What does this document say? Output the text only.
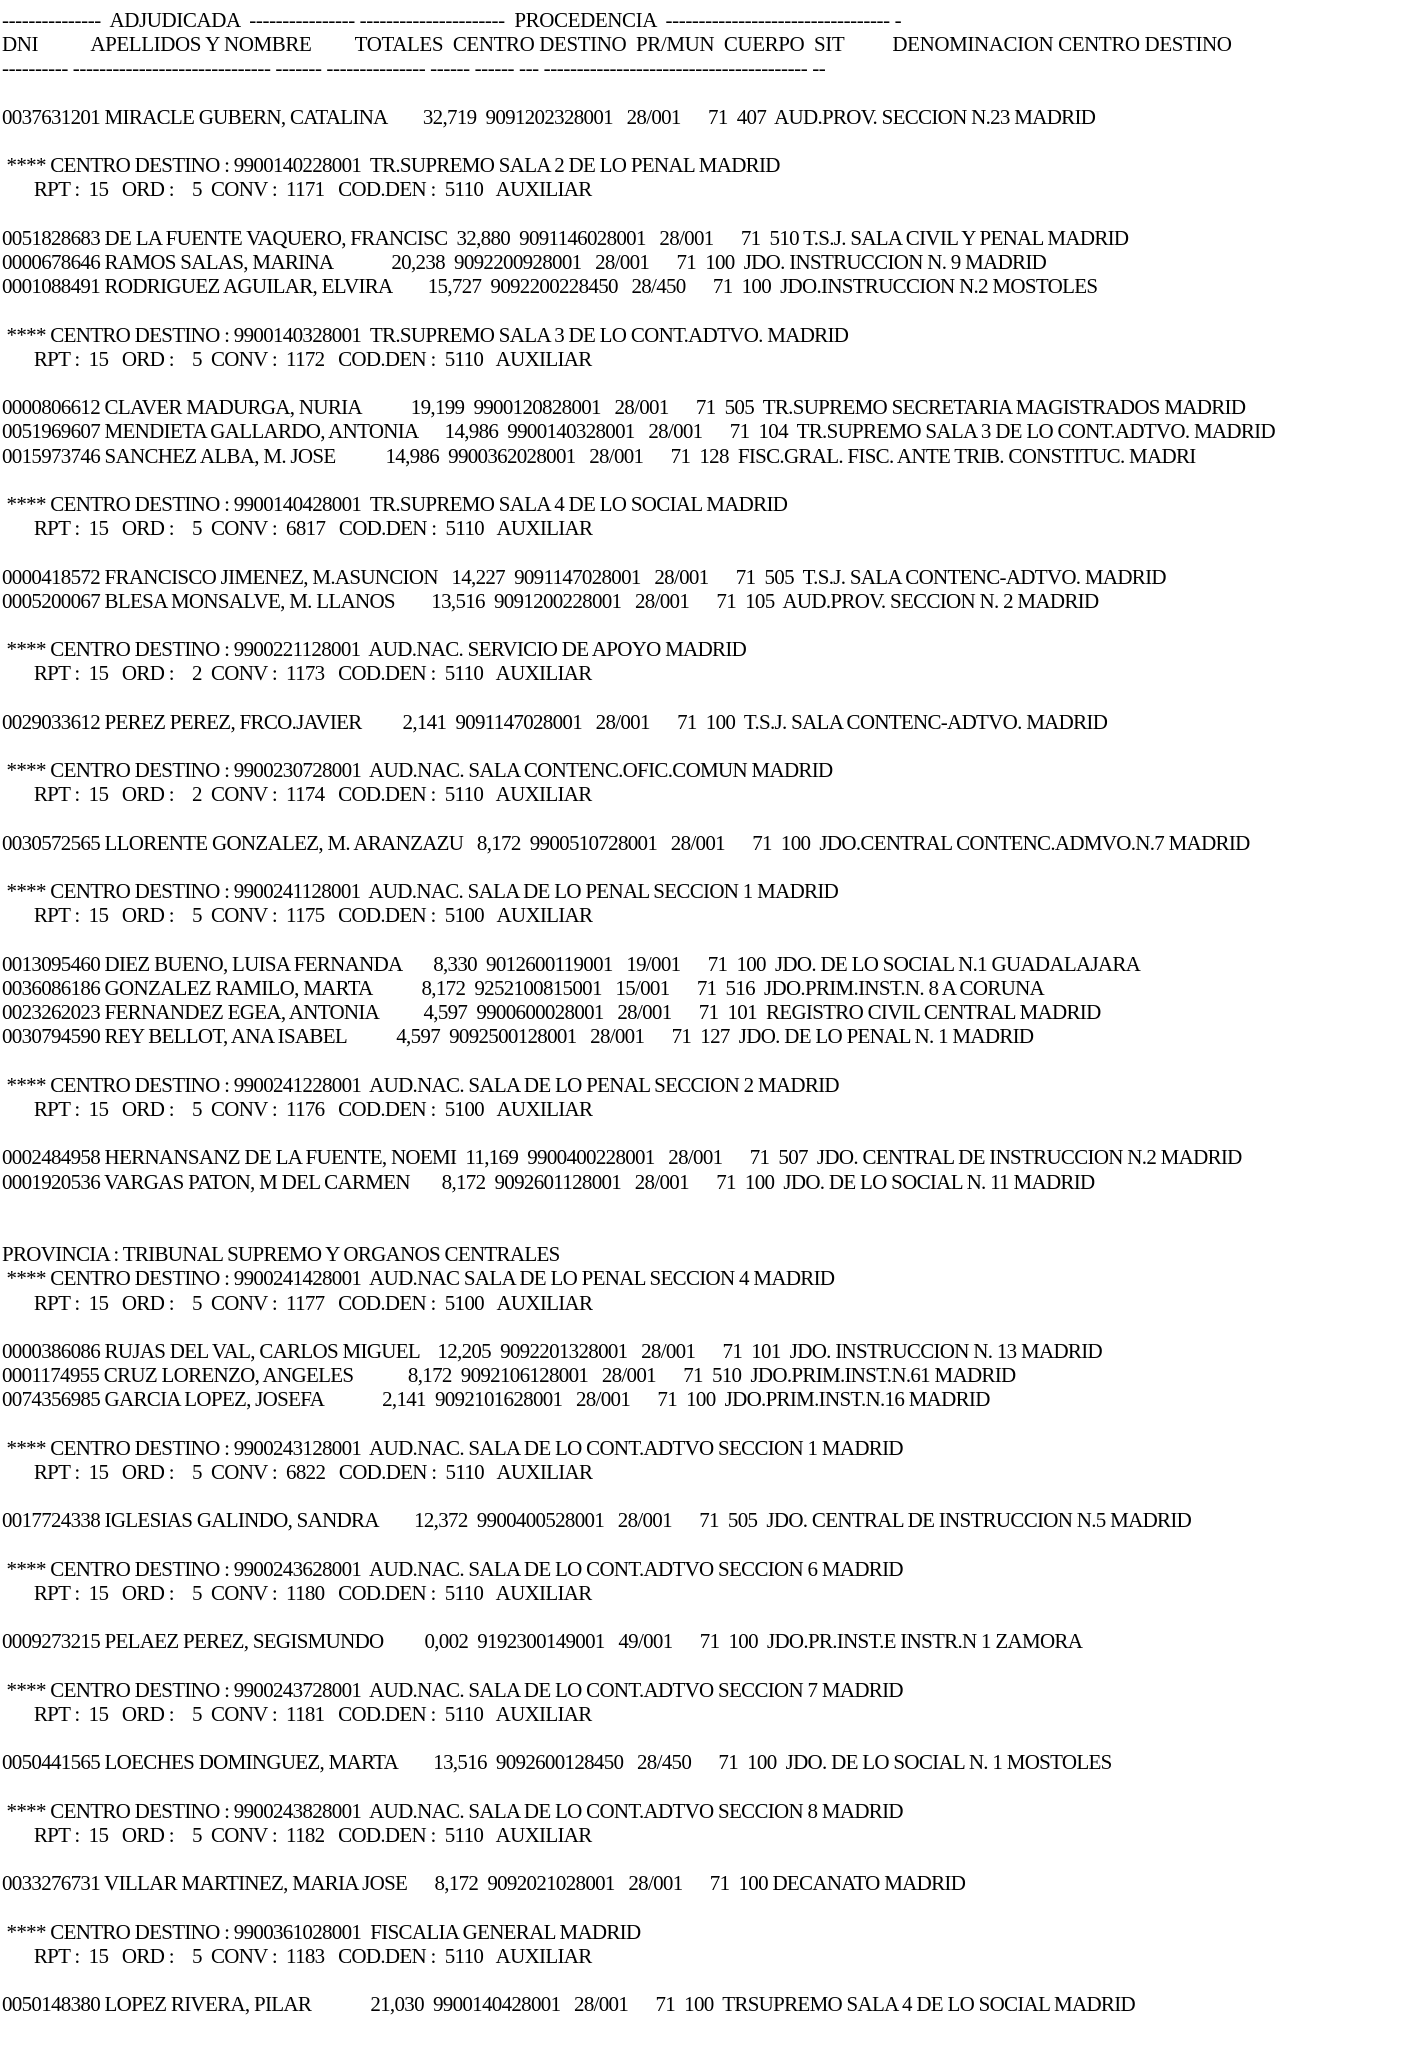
---------------  ADJUDICADA  ---------------- ----------------------  PROCEDENCIA  ---------------------------------- -
DNI           APELLIDOS Y NOMBRE         TOTALES  CENTRO DESTINO  PR/MUN  CUERPO  SIT          DENOMINACION CENTRO DESTINO
---------- ------------------------------ ------- --------------- ------ ------ --- ---------------------------------------- --
0037631201 MIRACLE GUBERN, CATALINA        32,719  9091202328001   28/001      71  407  AUD.PROV. SECCION N.23 MADRID
**** CENTRO DESTINO : 9900140228001  TR.SUPREMO SALA 2 DE LO PENAL MADRID
RPT :  15   ORD :    5  CONV :  1171   COD.DEN :  5110   AUXILIAR
0051828683 DE LA FUENTE VAQUERO, FRANCISC  32,880  9091146028001   28/001      71  510 T.S.J. SALA CIVIL Y PENAL MADRID
0000678646 RAMOS SALAS, MARINA             20,238  9092200928001   28/001      71  100  JDO. INSTRUCCION N. 9 MADRID
0001088491 RODRIGUEZ AGUILAR, ELVIRA        15,727  9092200228450   28/450      71  100  JDO.INSTRUCCION N.2 MOSTOLES
**** CENTRO DESTINO : 9900140328001  TR.SUPREMO SALA 3 DE LO CONT.ADTVO. MADRID
RPT :  15   ORD :    5  CONV :  1172   COD.DEN :  5110   AUXILIAR
0000806612 CLAVER MADURGA, NURIA           19,199  9900120828001   28/001      71  505  TR.SUPREMO SECRETARIA MAGISTRADOS MADRID
0051969607 MENDIETA GALLARDO, ANTONIA      14,986  9900140328001   28/001      71  104  TR.SUPREMO SALA 3 DE LO CONT.ADTVO. MADRID
0015973746 SANCHEZ ALBA, M. JOSE           14,986  9900362028001   28/001      71  128  FISC.GRAL. FISC. ANTE TRIB. CONSTITUC. MADRI
**** CENTRO DESTINO : 9900140428001  TR.SUPREMO SALA 4 DE LO SOCIAL MADRID
RPT :  15   ORD :    5  CONV :  6817   COD.DEN :  5110   AUXILIAR
0000418572 FRANCISCO JIMENEZ, M.ASUNCION   14,227  9091147028001   28/001      71  505  T.S.J. SALA CONTENC-ADTVO. MADRID
0005200067 BLESA MONSALVE, M. LLANOS        13,516  9091200228001   28/001      71  105  AUD.PROV. SECCION N. 2 MADRID
**** CENTRO DESTINO : 9900221128001  AUD.NAC. SERVICIO DE APOYO MADRID
RPT :  15   ORD :    2  CONV :  1173   COD.DEN :  5110   AUXILIAR
0029033612 PEREZ PEREZ, FRCO.JAVIER         2,141  9091147028001   28/001      71  100  T.S.J. SALA CONTENC-ADTVO. MADRID
**** CENTRO DESTINO : 9900230728001  AUD.NAC. SALA CONTENC.OFIC.COMUN MADRID
RPT :  15   ORD :    2  CONV :  1174   COD.DEN :  5110   AUXILIAR
0030572565 LLORENTE GONZALEZ, M. ARANZAZU   8,172  9900510728001   28/001      71  100  JDO.CENTRAL CONTENC.ADMVO.N.7 MADRID
**** CENTRO DESTINO : 9900241128001  AUD.NAC. SALA DE LO PENAL SECCION 1 MADRID
RPT :  15   ORD :    5  CONV :  1175   COD.DEN :  5100   AUXILIAR
0013095460 DIEZ BUENO, LUISA FERNANDA       8,330  9012600119001   19/001      71  100  JDO. DE LO SOCIAL N.1 GUADALAJARA
0036086186 GONZALEZ RAMILO, MARTA           8,172  9252100815001   15/001      71  516  JDO.PRIM.INST.N. 8 A CORUNA
0023262023 FERNANDEZ EGEA, ANTONIA          4,597  9900600028001   28/001      71  101  REGISTRO CIVIL CENTRAL MADRID
0030794590 REY BELLOT, ANA ISABEL           4,597  9092500128001   28/001      71  127  JDO. DE LO PENAL N. 1 MADRID
**** CENTRO DESTINO : 9900241228001  AUD.NAC. SALA DE LO PENAL SECCION 2 MADRID
RPT :  15   ORD :    5  CONV :  1176   COD.DEN :  5100   AUXILIAR
0002484958 HERNANSANZ DE LA FUENTE, NOEMI  11,169  9900400228001   28/001      71  507  JDO. CENTRAL DE INSTRUCCION N.2 MADRID
0001920536 VARGAS PATON, M DEL CARMEN       8,172  9092601128001   28/001      71  100  JDO. DE LO SOCIAL N. 11 MADRID
PROVINCIA : TRIBUNAL SUPREMO Y ORGANOS CENTRALES
**** CENTRO DESTINO : 9900241428001  AUD.NAC SALA DE LO PENAL SECCION 4 MADRID
RPT :  15   ORD :    5  CONV :  1177   COD.DEN :  5100   AUXILIAR
0000386086 RUJAS DEL VAL, CARLOS MIGUEL    12,205  9092201328001   28/001      71  101  JDO. INSTRUCCION N. 13 MADRID
0001174955 CRUZ LORENZO, ANGELES            8,172  9092106128001   28/001      71  510  JDO.PRIM.INST.N.61 MADRID
0074356985 GARCIA LOPEZ, JOSEFA             2,141  9092101628001   28/001      71  100  JDO.PRIM.INST.N.16 MADRID
**** CENTRO DESTINO : 9900243128001  AUD.NAC. SALA DE LO CONT.ADTVO SECCION 1 MADRID
RPT :  15   ORD :    5  CONV :  6822   COD.DEN :  5110   AUXILIAR
0017724338 IGLESIAS GALINDO, SANDRA        12,372  9900400528001   28/001      71  505  JDO. CENTRAL DE INSTRUCCION N.5 MADRID
**** CENTRO DESTINO : 9900243628001  AUD.NAC. SALA DE LO CONT.ADTVO SECCION 6 MADRID
RPT :  15   ORD :    5  CONV :  1180   COD.DEN :  5110   AUXILIAR
0009273215 PELAEZ PEREZ, SEGISMUNDO         0,002  9192300149001   49/001      71  100  JDO.PR.INST.E INSTR.N 1 ZAMORA
**** CENTRO DESTINO : 9900243728001  AUD.NAC. SALA DE LO CONT.ADTVO SECCION 7 MADRID
RPT :  15   ORD :    5  CONV :  1181   COD.DEN :  5110   AUXILIAR
0050441565 LOECHES DOMINGUEZ, MARTA        13,516  9092600128450   28/450      71  100  JDO. DE LO SOCIAL N. 1 MOSTOLES
**** CENTRO DESTINO : 9900243828001  AUD.NAC. SALA DE LO CONT.ADTVO SECCION 8 MADRID
RPT :  15   ORD :    5  CONV :  1182   COD.DEN :  5110   AUXILIAR
0033276731 VILLAR MARTINEZ, MARIA JOSE      8,172  9092021028001   28/001      71  100 DECANATO MADRID
**** CENTRO DESTINO : 9900361028001  FISCALIA GENERAL MADRID
RPT :  15   ORD :    5  CONV :  1183   COD.DEN :  5110   AUXILIAR
0050148380 LOPEZ RIVERA, PILAR             21,030  9900140428001   28/001      71  100  TRSUPREMO SALA 4 DE LO SOCIAL MADRID
